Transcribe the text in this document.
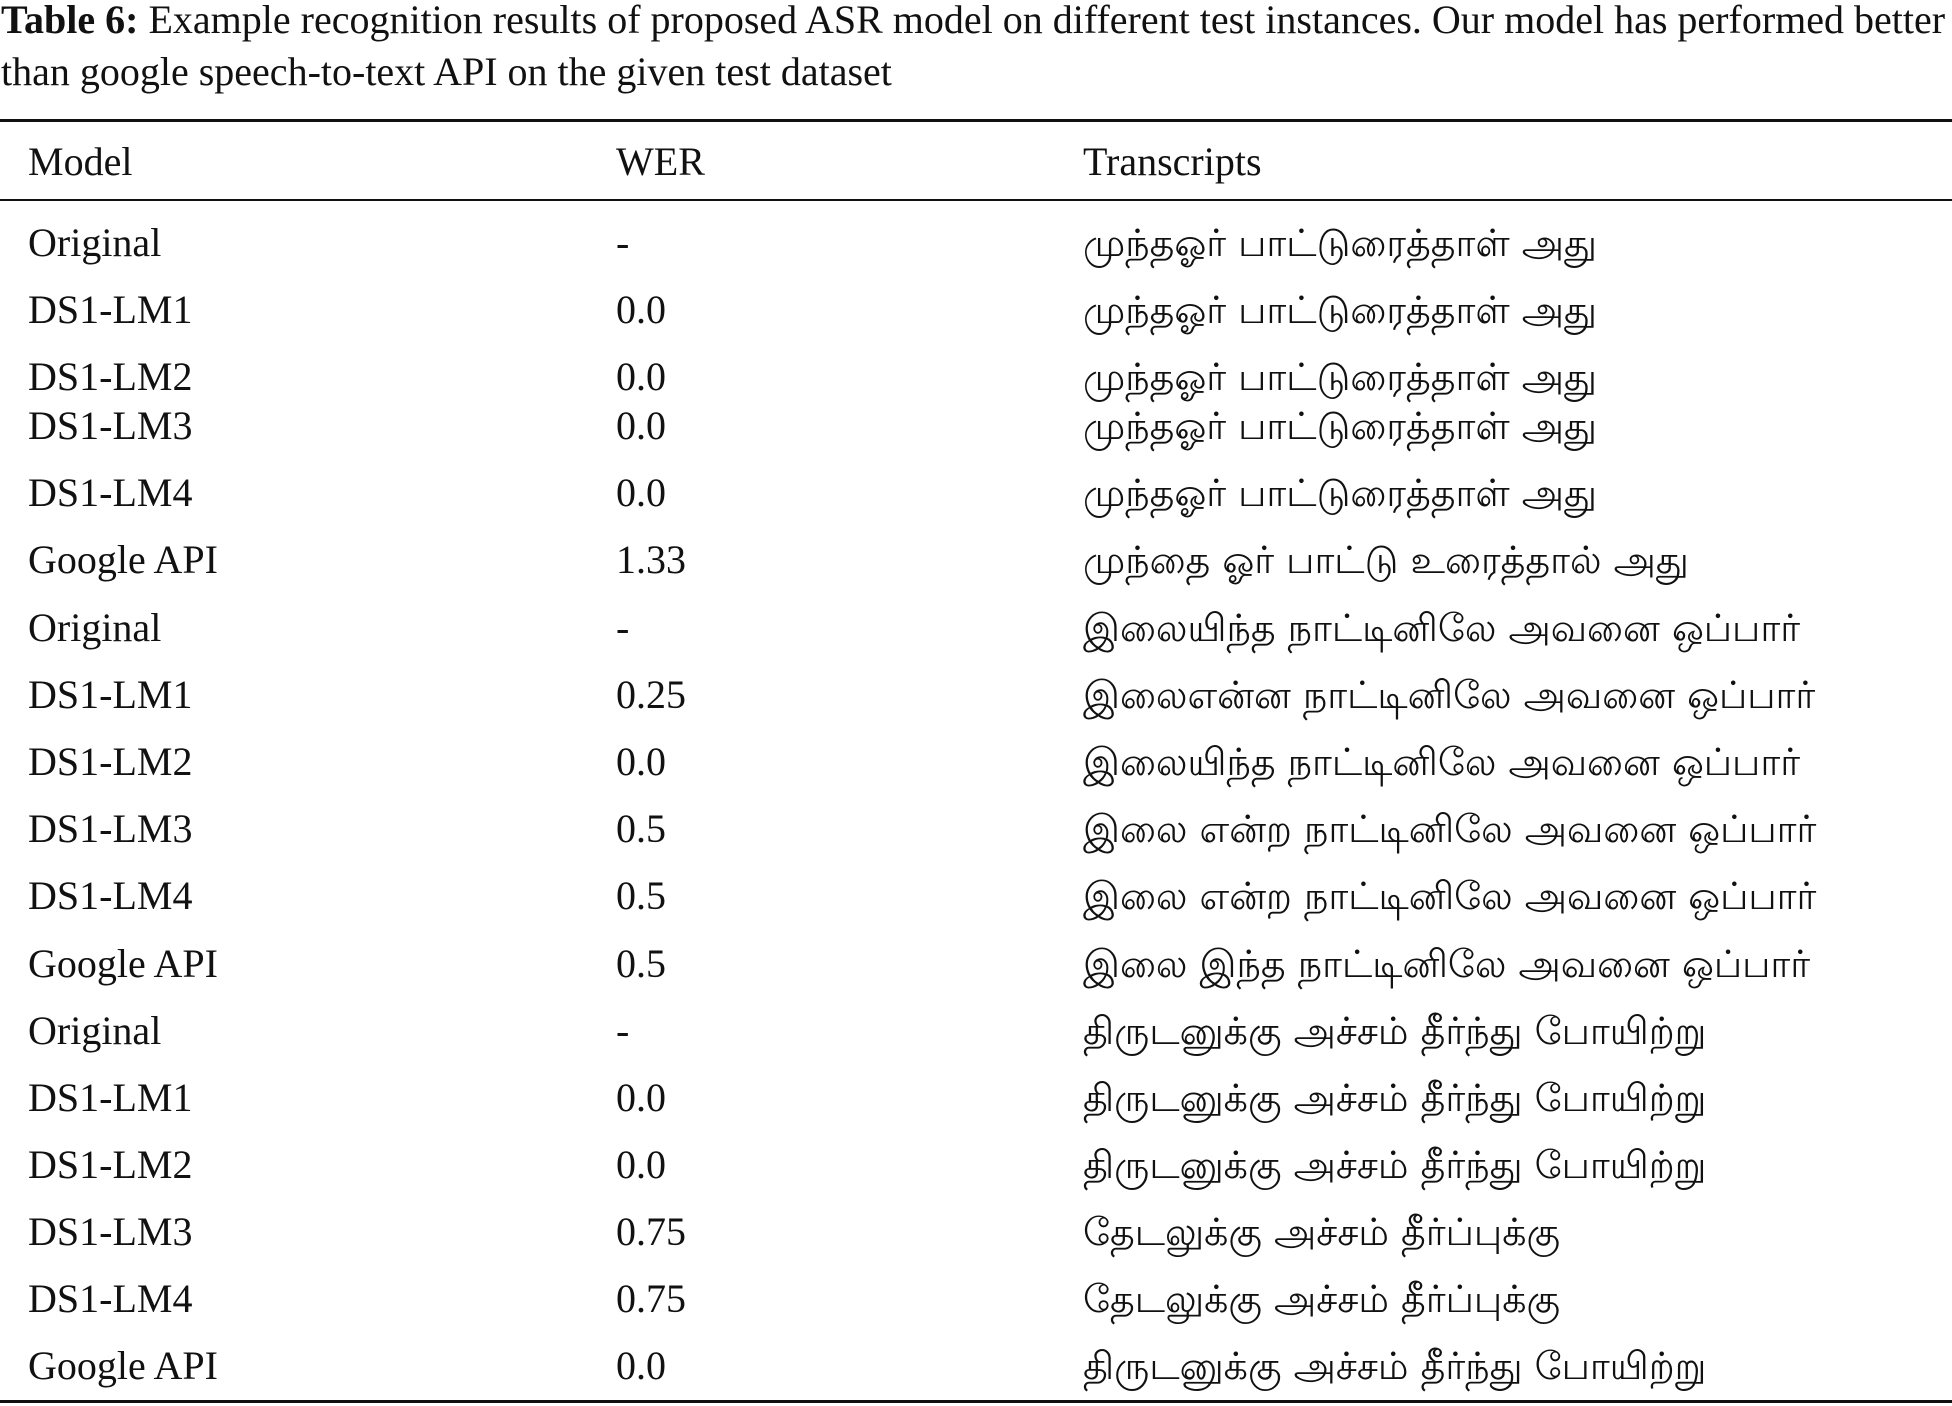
Table 6: Example recognition results of proposed ASR model on different test instances. Our model has performed better than google speech-to-text API on the given test dataset

Model	WER	Transcripts
Original	-	முந்தஓர் பாட்டுரைத்தாள் அது
DS1-LM1	0.0	முந்தஓர் பாட்டுரைத்தாள் அது
DS1-LM2	0.0	முந்தஓர் பாட்டுரைத்தாள் அது
DS1-LM3	0.0	முந்தஓர் பாட்டுரைத்தாள் அது
DS1-LM4	0.0	முந்தஓர் பாட்டுரைத்தாள் அது
Google API	1.33	முந்தை ஓர் பாட்டு உரைத்தால் அது
Original	-	இலையிந்த நாட்டினிலே அவனை ஒப்பார்
DS1-LM1	0.25	இலைஎன்ன நாட்டினிலே அவனை ஒப்பார்
DS1-LM2	0.0	இலையிந்த நாட்டினிலே அவனை ஒப்பார்
DS1-LM3	0.5	இலை என்ற நாட்டினிலே அவனை ஒப்பார்
DS1-LM4	0.5	இலை என்ற நாட்டினிலே அவனை ஒப்பார்
Google API	0.5	இலை இந்த நாட்டினிலே அவனை ஒப்பார்
Original	-	திருடனுக்கு அச்சம் தீர்ந்து போயிற்று
DS1-LM1	0.0	திருடனுக்கு அச்சம் தீர்ந்து போயிற்று
DS1-LM2	0.0	திருடனுக்கு அச்சம் தீர்ந்து போயிற்று
DS1-LM3	0.75	தேடலுக்கு அச்சம் தீர்ப்புக்கு
DS1-LM4	0.75	தேடலுக்கு அச்சம் தீர்ப்புக்கு
Google API	0.0	திருடனுக்கு அச்சம் தீர்ந்து போயிற்று
